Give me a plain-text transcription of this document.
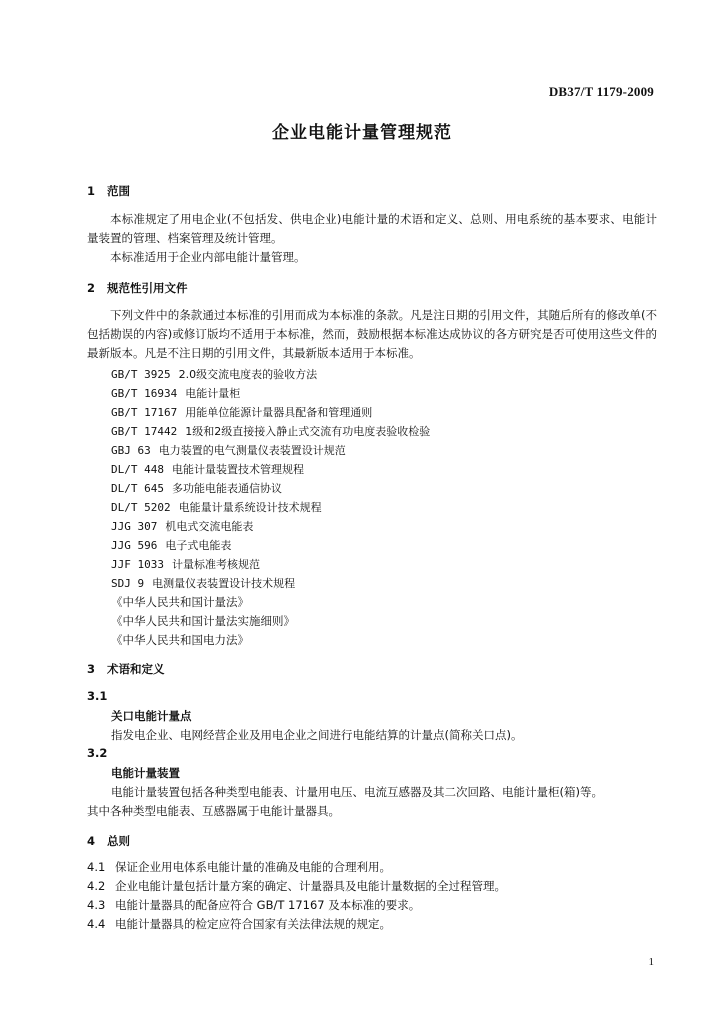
DB37/T 1179-2009
企业电能计量管理规范
1 范围

本标准规定了用电企业(不包括发、供电企业)电能计量的术语和定义、总则、用电系统的基本要求、电能计量装置的管理、档案管理及统计管理。

本标准适用于企业内部电能计量管理。

2 规范性引用文件

下列文件中的条款通过本标准的引用而成为本标准的条款。凡是注日期的引用文件，其随后所有的修改单(不包括勘误的内容)或修订版均不适用于本标准，然而，鼓励根据本标准达成协议的各方研究是否可使用这些文件的最新版本。凡是不注日期的引用文件，其最新版本适用于本标准。

GB/T 3925 2.0级交流电度表的验收方法
GB/T 16934 电能计量柜
GB/T 17167 用能单位能源计量器具配备和管理通则
GB/T 17442 1级和2级直接接入静止式交流有功电度表验收检验
GBJ 63 电力装置的电气测量仪表装置设计规范
DL/T 448 电能计量装置技术管理规程
DL/T 645 多功能电能表通信协议
DL/T 5202 电能量计量系统设计技术规程
JJG 307 机电式交流电能表
JJG 596 电子式电能表
JJF 1033 计量标准考核规范
SDJ 9 电测量仪表装置设计技术规程
《中华人民共和国计量法》
《中华人民共和国计量法实施细则》
《中华人民共和国电力法》
3 术语和定义
3.1
关口电能计量点
指发电企业、电网经营企业及用电企业之间进行电能结算的计量点(简称关口点)。
3.2
电能计量装置
电能计量装置包括各种类型电能表、计量用电压、电流互感器及其二次回路、电能计量柜(箱)等。
其中各种类型电能表、互感器属于电能计量器具。
4 总则
4.1 保证企业用电体系电能计量的准确及电能的合理利用。
4.2 企业电能计量包括计量方案的确定、计量器具及电能计量数据的全过程管理。
4.3 电能计量器具的配备应符合 GB/T 17167 及本标准的要求。
4.4 电能计量器具的检定应符合国家有关法律法规的规定。
1
